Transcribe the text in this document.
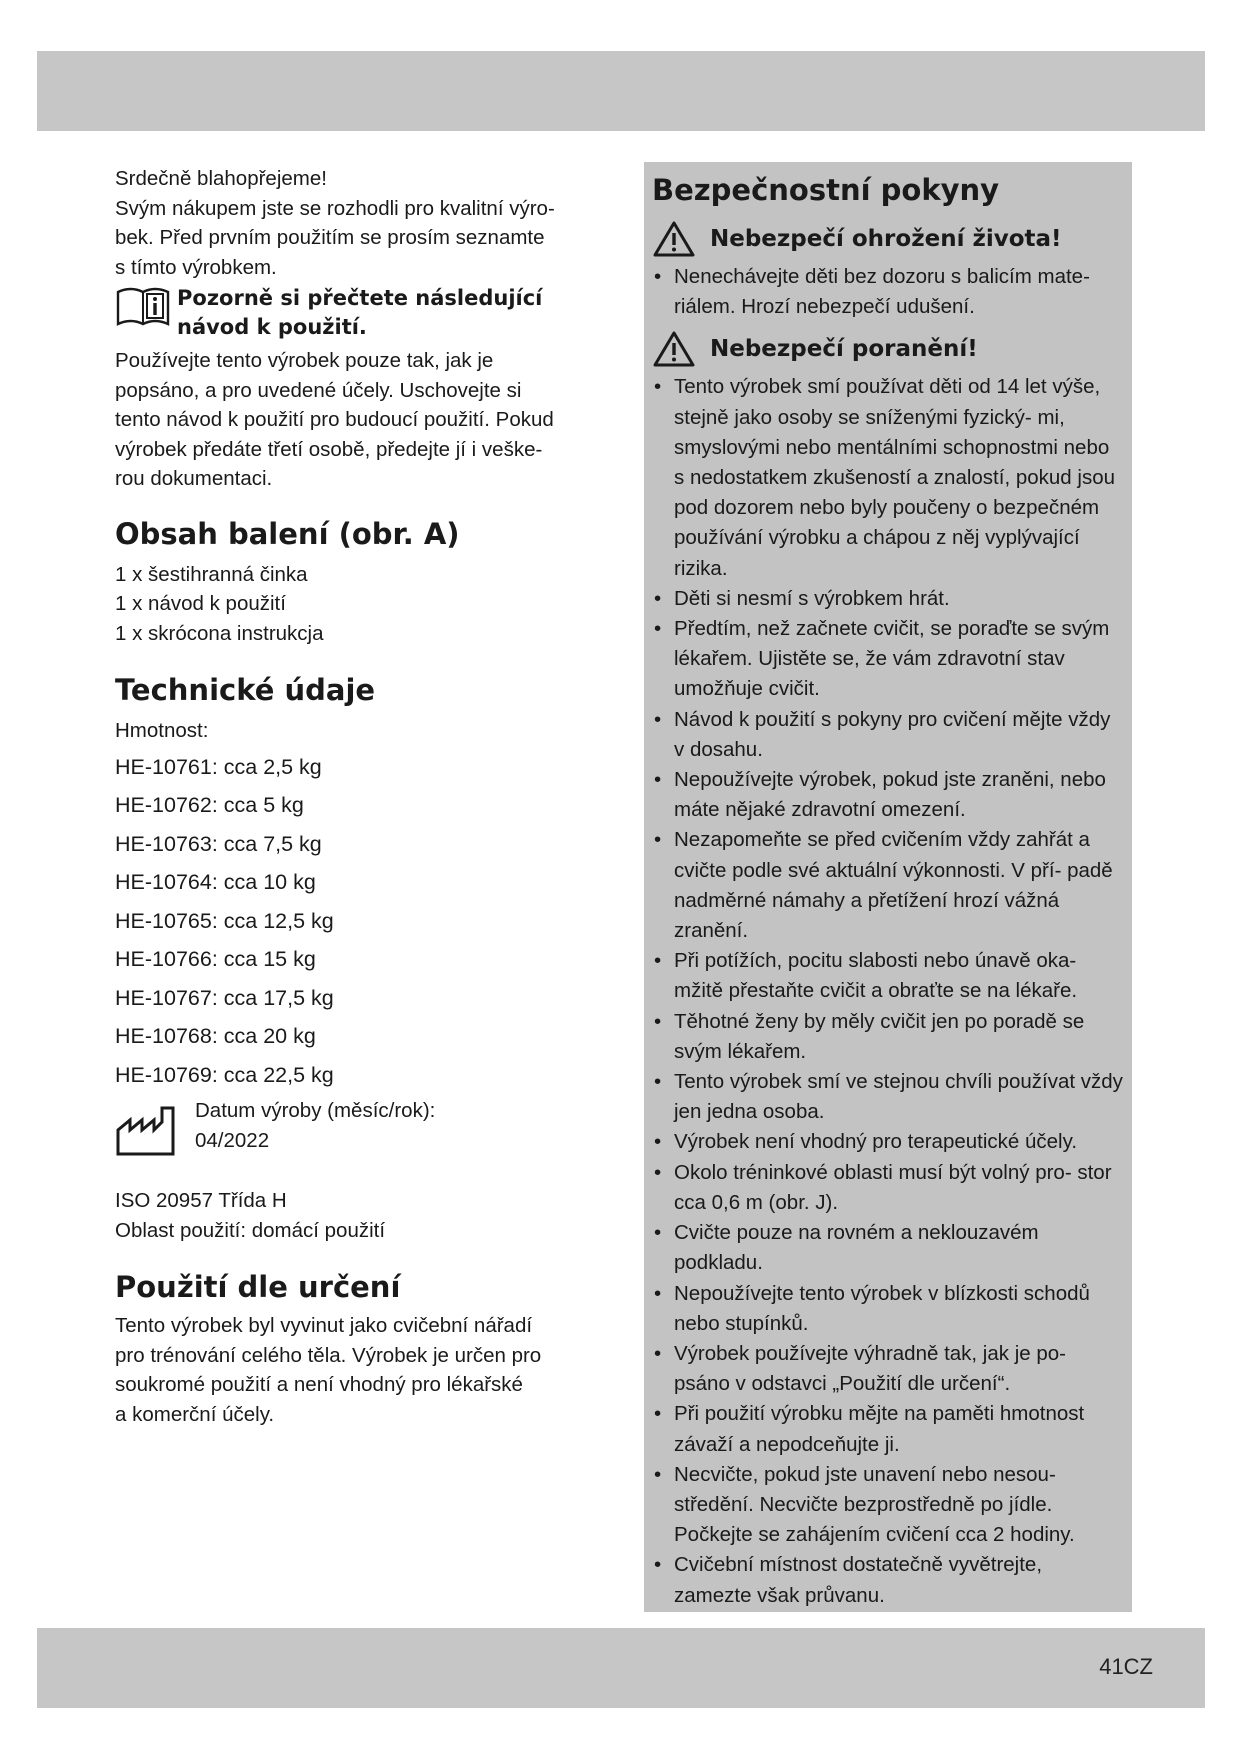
Srdečně blahopřejeme!

Svým nákupem jste se rozhodli pro kvalitní výro-

bek. Před prvním použitím se prosím seznamte

s tímto výrobkem.

Pozorně si přečtete následující
návod k použití.

Používejte tento výrobek pouze tak, jak je

popsáno, a pro uvedené účely. Uschovejte si

tento návod k použití pro budoucí použití. Pokud

výrobek předáte třetí osobě, předejte jí i veške-

rou dokumentaci.

Obsah balení (obr. A)
1 x šestihranná činka
1 x návod k použití
1 x skrócona instrukcja
Technické údaje

Hmotnost:

HE-10761: cca 2,5 kg
HE-10762: cca 5 kg
HE-10763: cca 7,5 kg
HE-10764: cca 10 kg
HE-10765: cca 12,5 kg
HE-10766: cca 15 kg
HE-10767: cca 17,5 kg
HE-10768: cca 20 kg
HE-10769: cca 22,5 kg
Datum výroby (měsíc/rok):
04/2022

ISO 20957 Třída H

Oblast použití: domácí použití

Použití dle určení

Tento výrobek byl vyvinut jako cvičební nářadí

pro trénování celého těla. Výrobek je určen pro

soukromé použití a není vhodný pro lékařské

a komerční účely.

Bezpečnostní pokyny
Nebezpečí ohrožení života!
• Nenechávejte děti bez dozoru s balicím mate- riálem. Hrozí nebezpečí udušení.
Nebezpečí poranění!
• Tento výrobek smí používat děti od 14 let výše, stejně jako osoby se sníženými fyzický- mi, smyslovými nebo mentálními schopnostmi nebo s nedostatkem zkušeností a znalostí, pokud jsou pod dozorem nebo byly poučeny o bezpečném používání výrobku a chápou z něj vyplývající rizika.
• Děti si nesmí s výrobkem hrát.
• Předtím, než začnete cvičit, se poraďte se svým lékařem. Ujistěte se, že vám zdravotní stav umožňuje cvičit.
• Návod k použití s pokyny pro cvičení mějte vždy v dosahu.
• Nepoužívejte výrobek, pokud jste zraněni, nebo máte nějaké zdravotní omezení.
• Nezapomeňte se před cvičením vždy zahřát a cvičte podle své aktuální výkonnosti. V pří- padě nadměrné námahy a přetížení hrozí vážná zranění.
• Při potížích, pocitu slabosti nebo únavě oka- mžitě přestaňte cvičit a obraťte se na lékaře.
• Těhotné ženy by měly cvičit jen po poradě se svým lékařem.
• Tento výrobek smí ve stejnou chvíli používat vždy jen jedna osoba.
• Výrobek není vhodný pro terapeutické účely.
• Okolo tréninkové oblasti musí být volný pro- stor cca 0,6 m (obr. J).
• Cvičte pouze na rovném a neklouzavém podkladu.
• Nepoužívejte tento výrobek v blízkosti schodů nebo stupínků.
• Výrobek používejte výhradně tak, jak je po- psáno v odstavci „Použití dle určení“.
• Při použití výrobku mějte na paměti hmotnost závaží a nepodceňujte ji.
• Necvičte, pokud jste unavení nebo nesou- středění. Necvičte bezprostředně po jídle. Počkejte se zahájením cvičení cca 2 hodiny.
• Cvičební místnost dostatečně vyvětrejte, zamezte však průvanu.
41CZ
